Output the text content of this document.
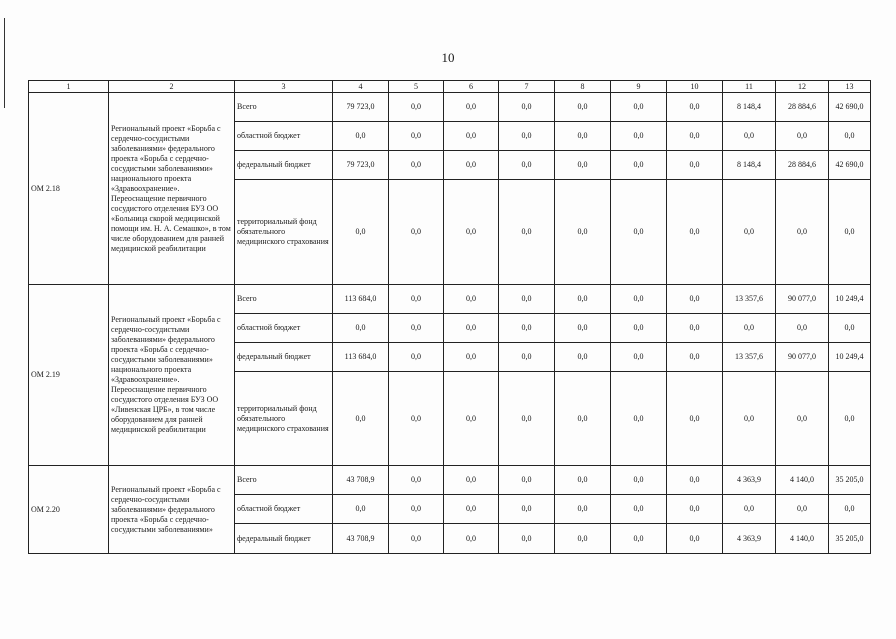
10
1	2	3	4	5	6	7	8	9	10	11	12	13
ОМ 2.18	Региональный проект «Борьба с сердечно-сосудистыми заболеваниями» федерального проекта «Борьба с сердечно-сосудистыми заболеваниями» национального проекта «Здравоохранение». Переоснащение первичного сосудистого отделения БУЗ ОО «Больница скорой медицинской помощи им. Н. А. Семашко», в том числе оборудованием для ранней медицинской реабилитации	Всего	79 723,0	0,0	0,0	0,0	0,0	0,0	0,0	8 148,4	28 884,6	42 690,0
		областной бюджет	0,0	0,0	0,0	0,0	0,0	0,0	0,0	0,0	0,0	0,0
		федеральный бюджет	79 723,0	0,0	0,0	0,0	0,0	0,0	0,0	8 148,4	28 884,6	42 690,0
		территориальный фонд обязательного медицинского страхования	0,0	0,0	0,0	0,0	0,0	0,0	0,0	0,0	0,0	0,0
ОМ 2.19	Региональный проект «Борьба с сердечно-сосудистыми заболеваниями» федерального проекта «Борьба с сердечно-сосудистыми заболеваниями» национального проекта «Здравоохранение». Переоснащение первичного сосудистого отделения БУЗ ОО «Ливенская ЦРБ», в том числе оборудованием для ранней медицинской реабилитации	Всего	113 684,0	0,0	0,0	0,0	0,0	0,0	0,0	13 357,6	90 077,0	10 249,4
		областной бюджет	0,0	0,0	0,0	0,0	0,0	0,0	0,0	0,0	0,0	0,0
		федеральный бюджет	113 684,0	0,0	0,0	0,0	0,0	0,0	0,0	13 357,6	90 077,0	10 249,4
		территориальный фонд обязательного медицинского страхования	0,0	0,0	0,0	0,0	0,0	0,0	0,0	0,0	0,0	0,0
ОМ 2.20	Региональный проект «Борьба с сердечно-сосудистыми заболеваниями» федерального проекта «Борьба с сердечно-сосудистыми заболеваниями»	Всего	43 708,9	0,0	0,0	0,0	0,0	0,0	0,0	4 363,9	4 140,0	35 205,0
		областной бюджет	0,0	0,0	0,0	0,0	0,0	0,0	0,0	0,0	0,0	0,0
		федеральный бюджет	43 708,9	0,0	0,0	0,0	0,0	0,0	0,0	4 363,9	4 140,0	35 205,0
